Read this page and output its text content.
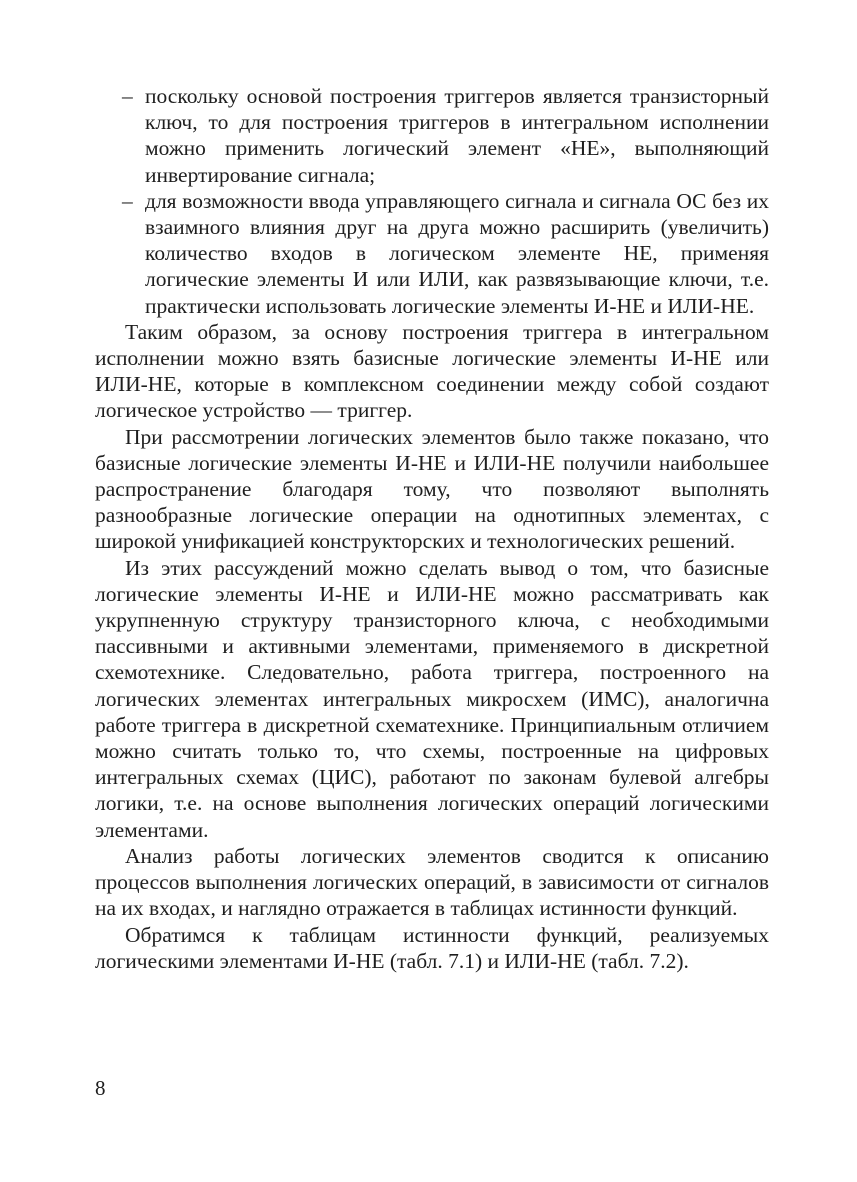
– поскольку основой построения триггеров является транзисторный ключ, то для построения триггеров в интегральном исполнении можно применить логический элемент «НЕ», выполняющий инвертирование сигнала;
– для возможности ввода управляющего сигнала и сигнала ОС без их взаимного влияния друг на друга можно расширить (увеличить) количество входов в логическом элементе НЕ, применяя логические элементы И или ИЛИ, как развязывающие ключи, т.е. практически использовать логические элементы И-НЕ и ИЛИ-НЕ.

Таким образом, за основу построения триггера в интегральном исполнении можно взять базисные логические элементы И-НЕ или ИЛИ-НЕ, которые в комплексном соединении между собой создают логическое устройство — триггер.

При рассмотрении логических элементов было также показано, что базисные логические элементы И-НЕ и ИЛИ-НЕ получили наибольшее распространение благодаря тому, что позволяют выполнять разнообразные логические операции на однотипных элементах, с широкой унификацией конструкторских и технологических решений.

Из этих рассуждений можно сделать вывод о том, что базисные логические элементы И-НЕ и ИЛИ-НЕ можно рассматривать как укрупненную структуру транзисторного ключа, с необходимыми пассивными и активными элементами, применяемого в дискретной схемотехнике. Следовательно, работа триггера, построенного на логических элементах интегральных микросхем (ИМС), аналогична работе триггера в дискретной схематехнике. Принципиальным отличием можно считать только то, что схемы, построенные на цифровых интегральных схемах (ЦИС), работают по законам булевой алгебры логики, т.е. на основе выполнения логических операций логическими элементами.

Анализ работы логических элементов сводится к описанию процессов выполнения логических операций, в зависимости от сигналов на их входах, и наглядно отражается в таблицах истинности функций.

Обратимся к таблицам истинности функций, реализуемых логическими элементами И-НЕ (табл. 7.1) и ИЛИ-НЕ (табл. 7.2).

8
